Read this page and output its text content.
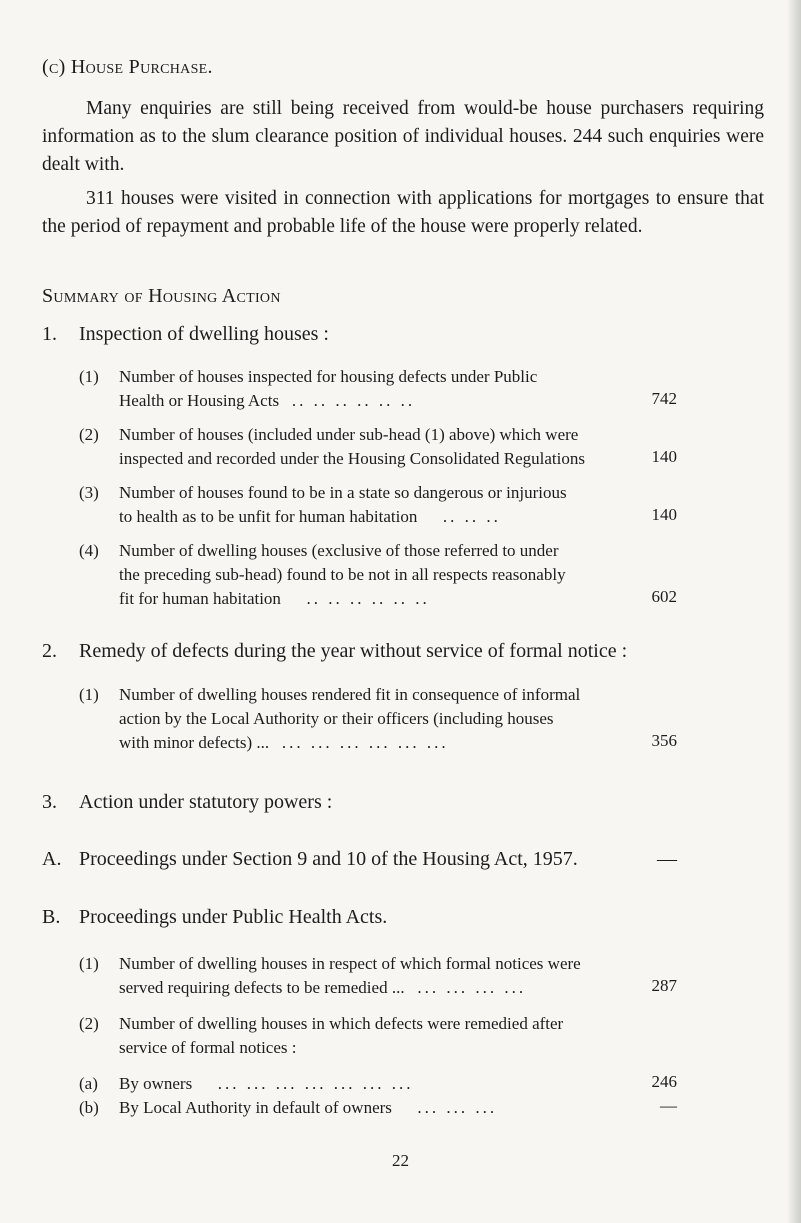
(c) House Purchase.

Many enquiries are still being received from would-be house purchasers requiring information as to the slum clearance position of individual houses. 244 such enquiries were dealt with.

311 houses were visited in connection with applications for mortgages to ensure that the period of repayment and probable life of the house were properly related.

Summary of Housing Action
1. Inspection of dwelling houses :
(1) Number of houses inspected for housing defects under Public
Health or Housing Acts .. .. .. .. .. ..	742
(2) Number of houses (included under sub-head (1) above) which were
inspected and recorded under the Housing Consolidated Regulations	140
(3) Number of houses found to be in a state so dangerous or injurious
to health as to be unfit for human habitation .. .. ..	140
(4) Number of dwelling houses (exclusive of those referred to under
the preceding sub-head) found to be not in all respects reasonably
fit for human habitation .. .. .. .. .. ..	602
2. Remedy of defects during the year without service of formal notice :
(1) Number of dwelling houses rendered fit in consequence of informal
action by the Local Authority or their officers (including houses
with minor defects) ... ... ... ... ... ... ...	356
3. Action under statutory powers :
A. Proceedings under Section 9 and 10 of the Housing Act, 1957.	—
B. Proceedings under Public Health Acts.
(1) Number of dwelling houses in respect of which formal notices were
served requiring defects to be remedied ... ... ... ... ...	287
(2) Number of dwelling houses in which defects were remedied after
service of formal notices :
(a) By owners ... ... ... ... ... ... ...	246
(b) By Local Authority in default of owners ... ... ...	—
22
